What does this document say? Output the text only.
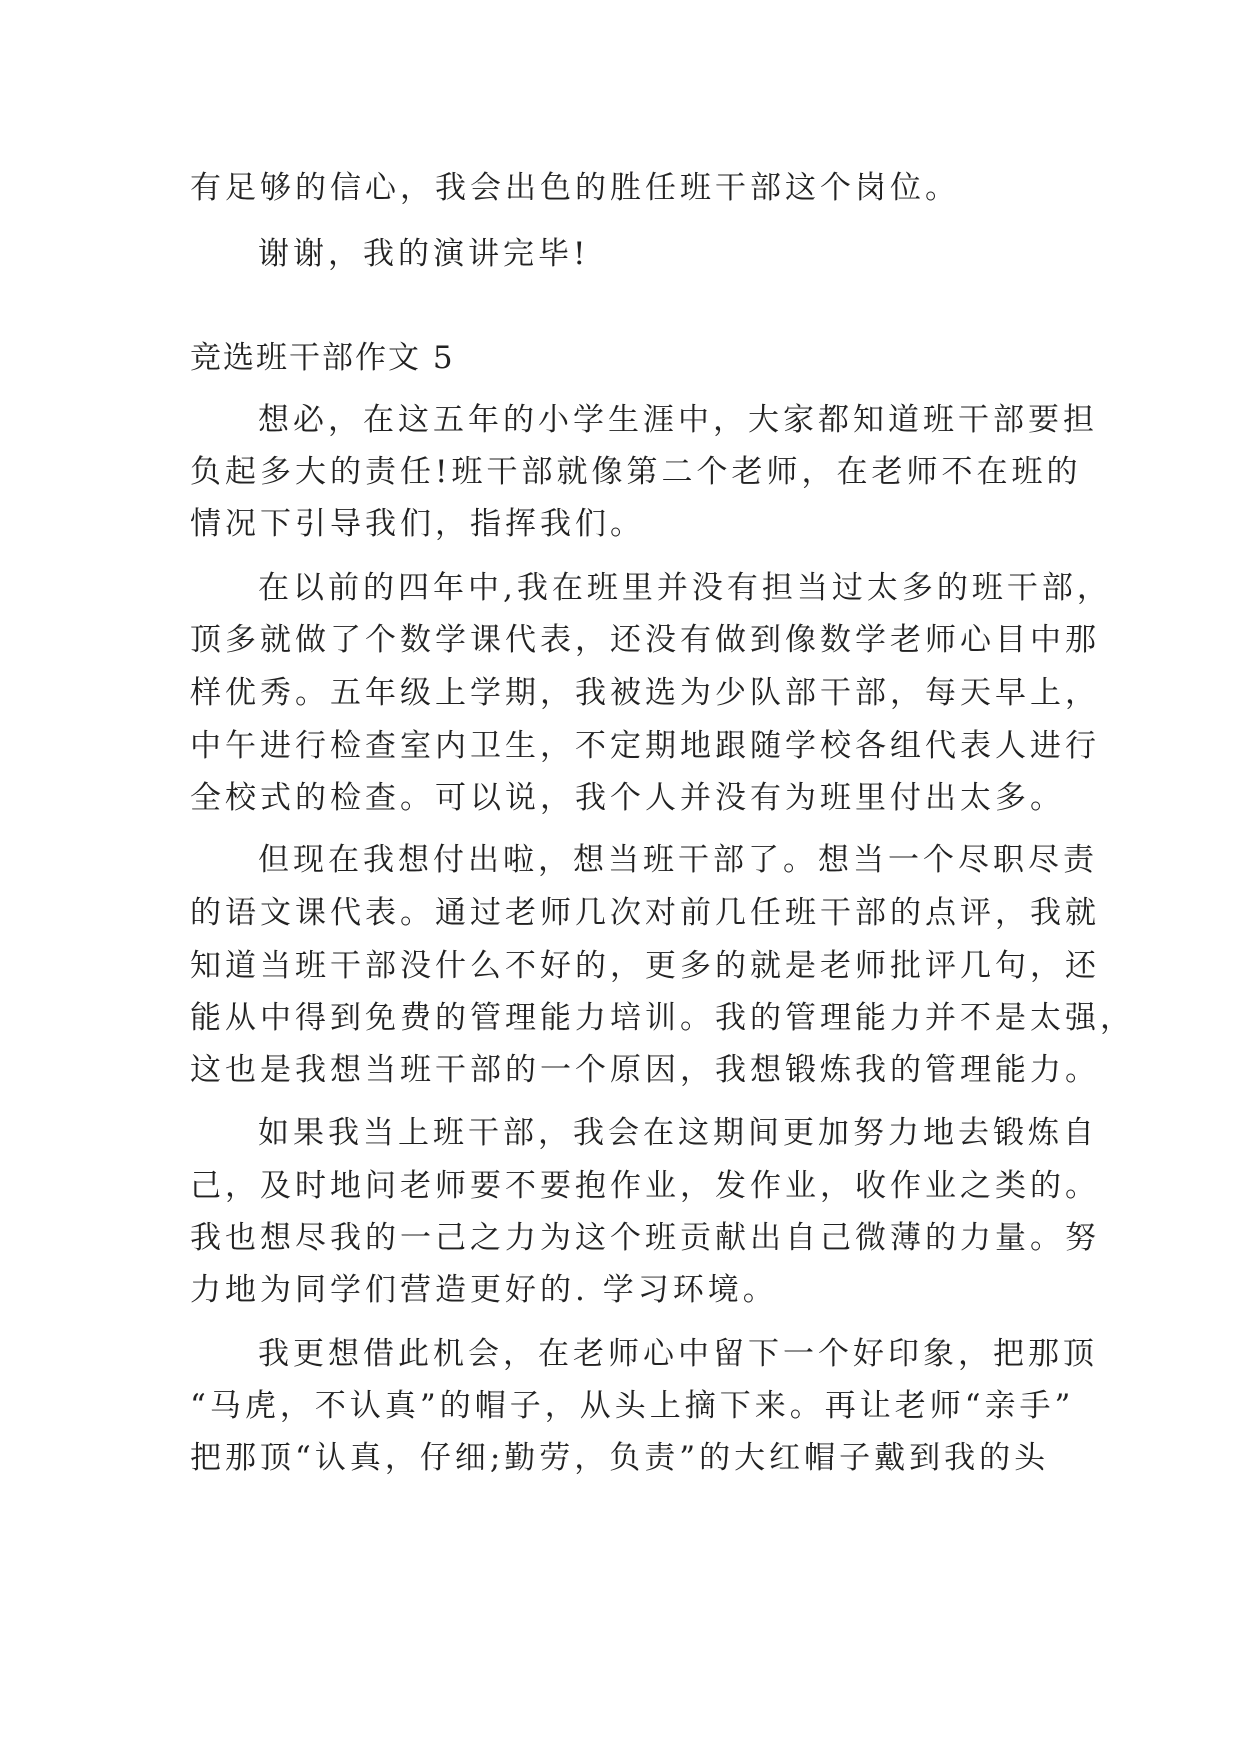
有足够的信心，我会出色的胜任班干部这个岗位。
谢谢，我的演讲完毕!
竞选班干部作文 5
想必，在这五年的小学生涯中，大家都知道班干部要担
负起多大的责任!班干部就像第二个老师，在老师不在班的
情况下引导我们，指挥我们。
在以前的四年中,我在班里并没有担当过太多的班干部，
顶多就做了个数学课代表，还没有做到像数学老师心目中那
样优秀。五年级上学期，我被选为少队部干部，每天早上，
中午进行检查室内卫生，不定期地跟随学校各组代表人进行
全校式的检查。可以说，我个人并没有为班里付出太多。
但现在我想付出啦，想当班干部了。想当一个尽职尽责
的语文课代表。通过老师几次对前几任班干部的点评，我就
知道当班干部没什么不好的，更多的就是老师批评几句，还
能从中得到免费的管理能力培训。我的管理能力并不是太强，
这也是我想当班干部的一个原因，我想锻炼我的管理能力。
如果我当上班干部，我会在这期间更加努力地去锻炼自
己，及时地问老师要不要抱作业，发作业，收作业之类的。
我也想尽我的一己之力为这个班贡献出自己微薄的力量。努
力地为同学们营造更好的. 学习环境。
我更想借此机会，在老师心中留下一个好印象，把那顶
“马虎，不认真”的帽子，从头上摘下来。再让老师“亲手”
把那顶“认真，仔细;勤劳，负责”的大红帽子戴到我的头
